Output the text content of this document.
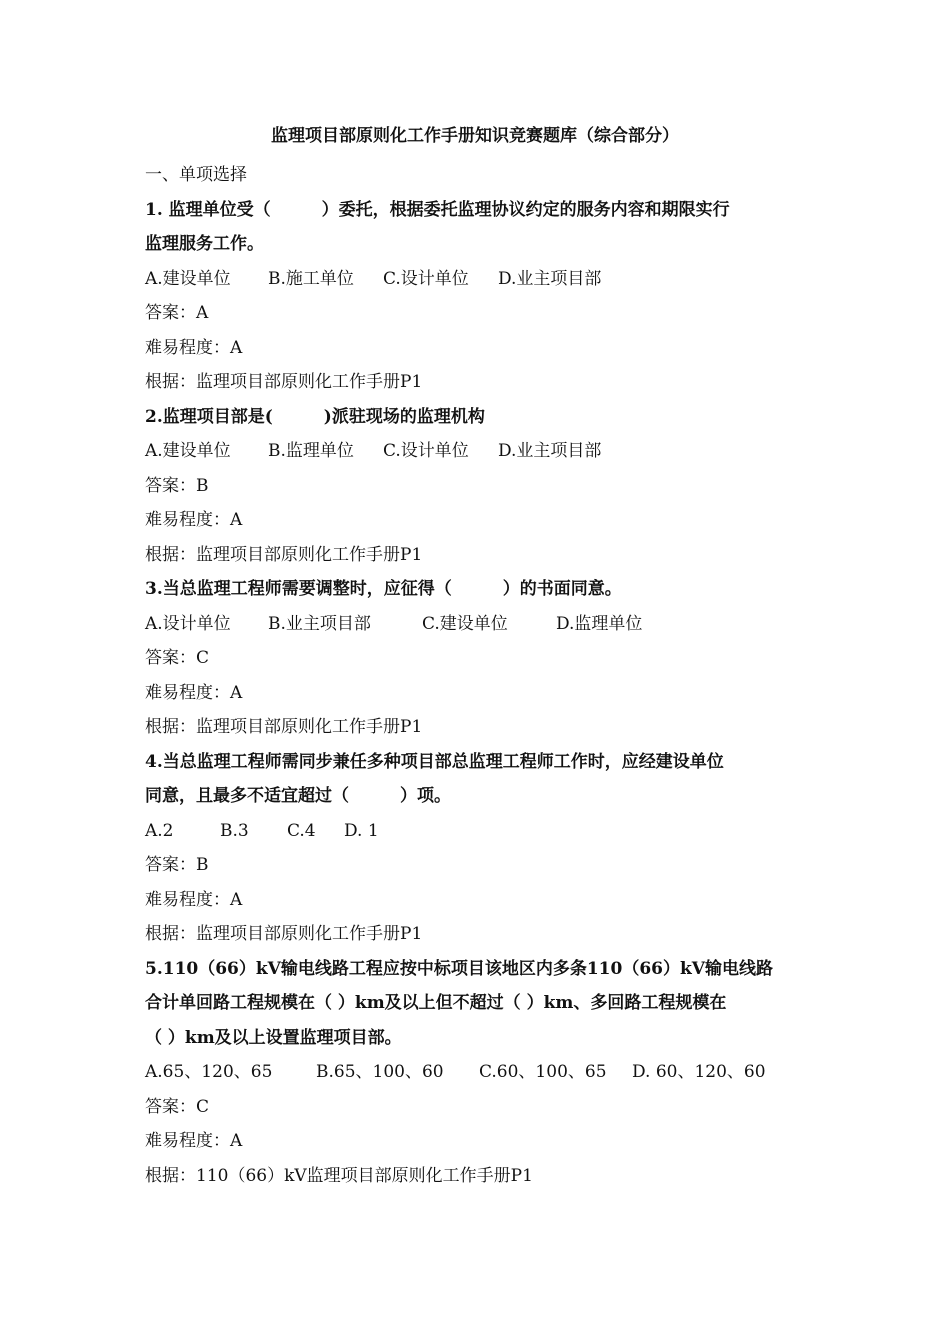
监理项目部原则化工作手册知识竞赛题库（综合部分）
一、单项选择
1. 监理单位受（　　　）委托，根据委托监理协议约定的服务内容和期限实行
监理服务工作。
A.建设单位 B.施工单位 C.设计单位 D.业主项目部
答案：A
难易程度：A
根据：监理项目部原则化工作手册P1
2.监理项目部是(　　　)派驻现场的监理机构
A.建设单位 B.监理单位 C.设计单位 D.业主项目部
答案：B
难易程度：A
根据：监理项目部原则化工作手册P1
3.当总监理工程师需要调整时，应征得（　　　）的书面同意。
A.设计单位 B.业主项目部	C.建设单位	D.监理单位
答案：C
难易程度：A
根据：监理项目部原则化工作手册P1
4.当总监理工程师需同步兼任多种项目部总监理工程师工作时，应经建设单位
同意，且最多不适宜超过（　　　）项。
A.2	B.3 C.4 D. 1
答案：B
难易程度：A
根据：监理项目部原则化工作手册P1
5.110（66）kV输电线路工程应按中标项目该地区内多条110（66）kV输电线路
合计单回路工程规模在（ ）km及以上但不超过（ ）km、多回路工程规模在
（ ）km及以上设置监理项目部。
A.65、120、65	B.65、100、60 C.60、100、65 D. 60、120、60
答案：C
难易程度：A
根据：110（66）kV监理项目部原则化工作手册P1
